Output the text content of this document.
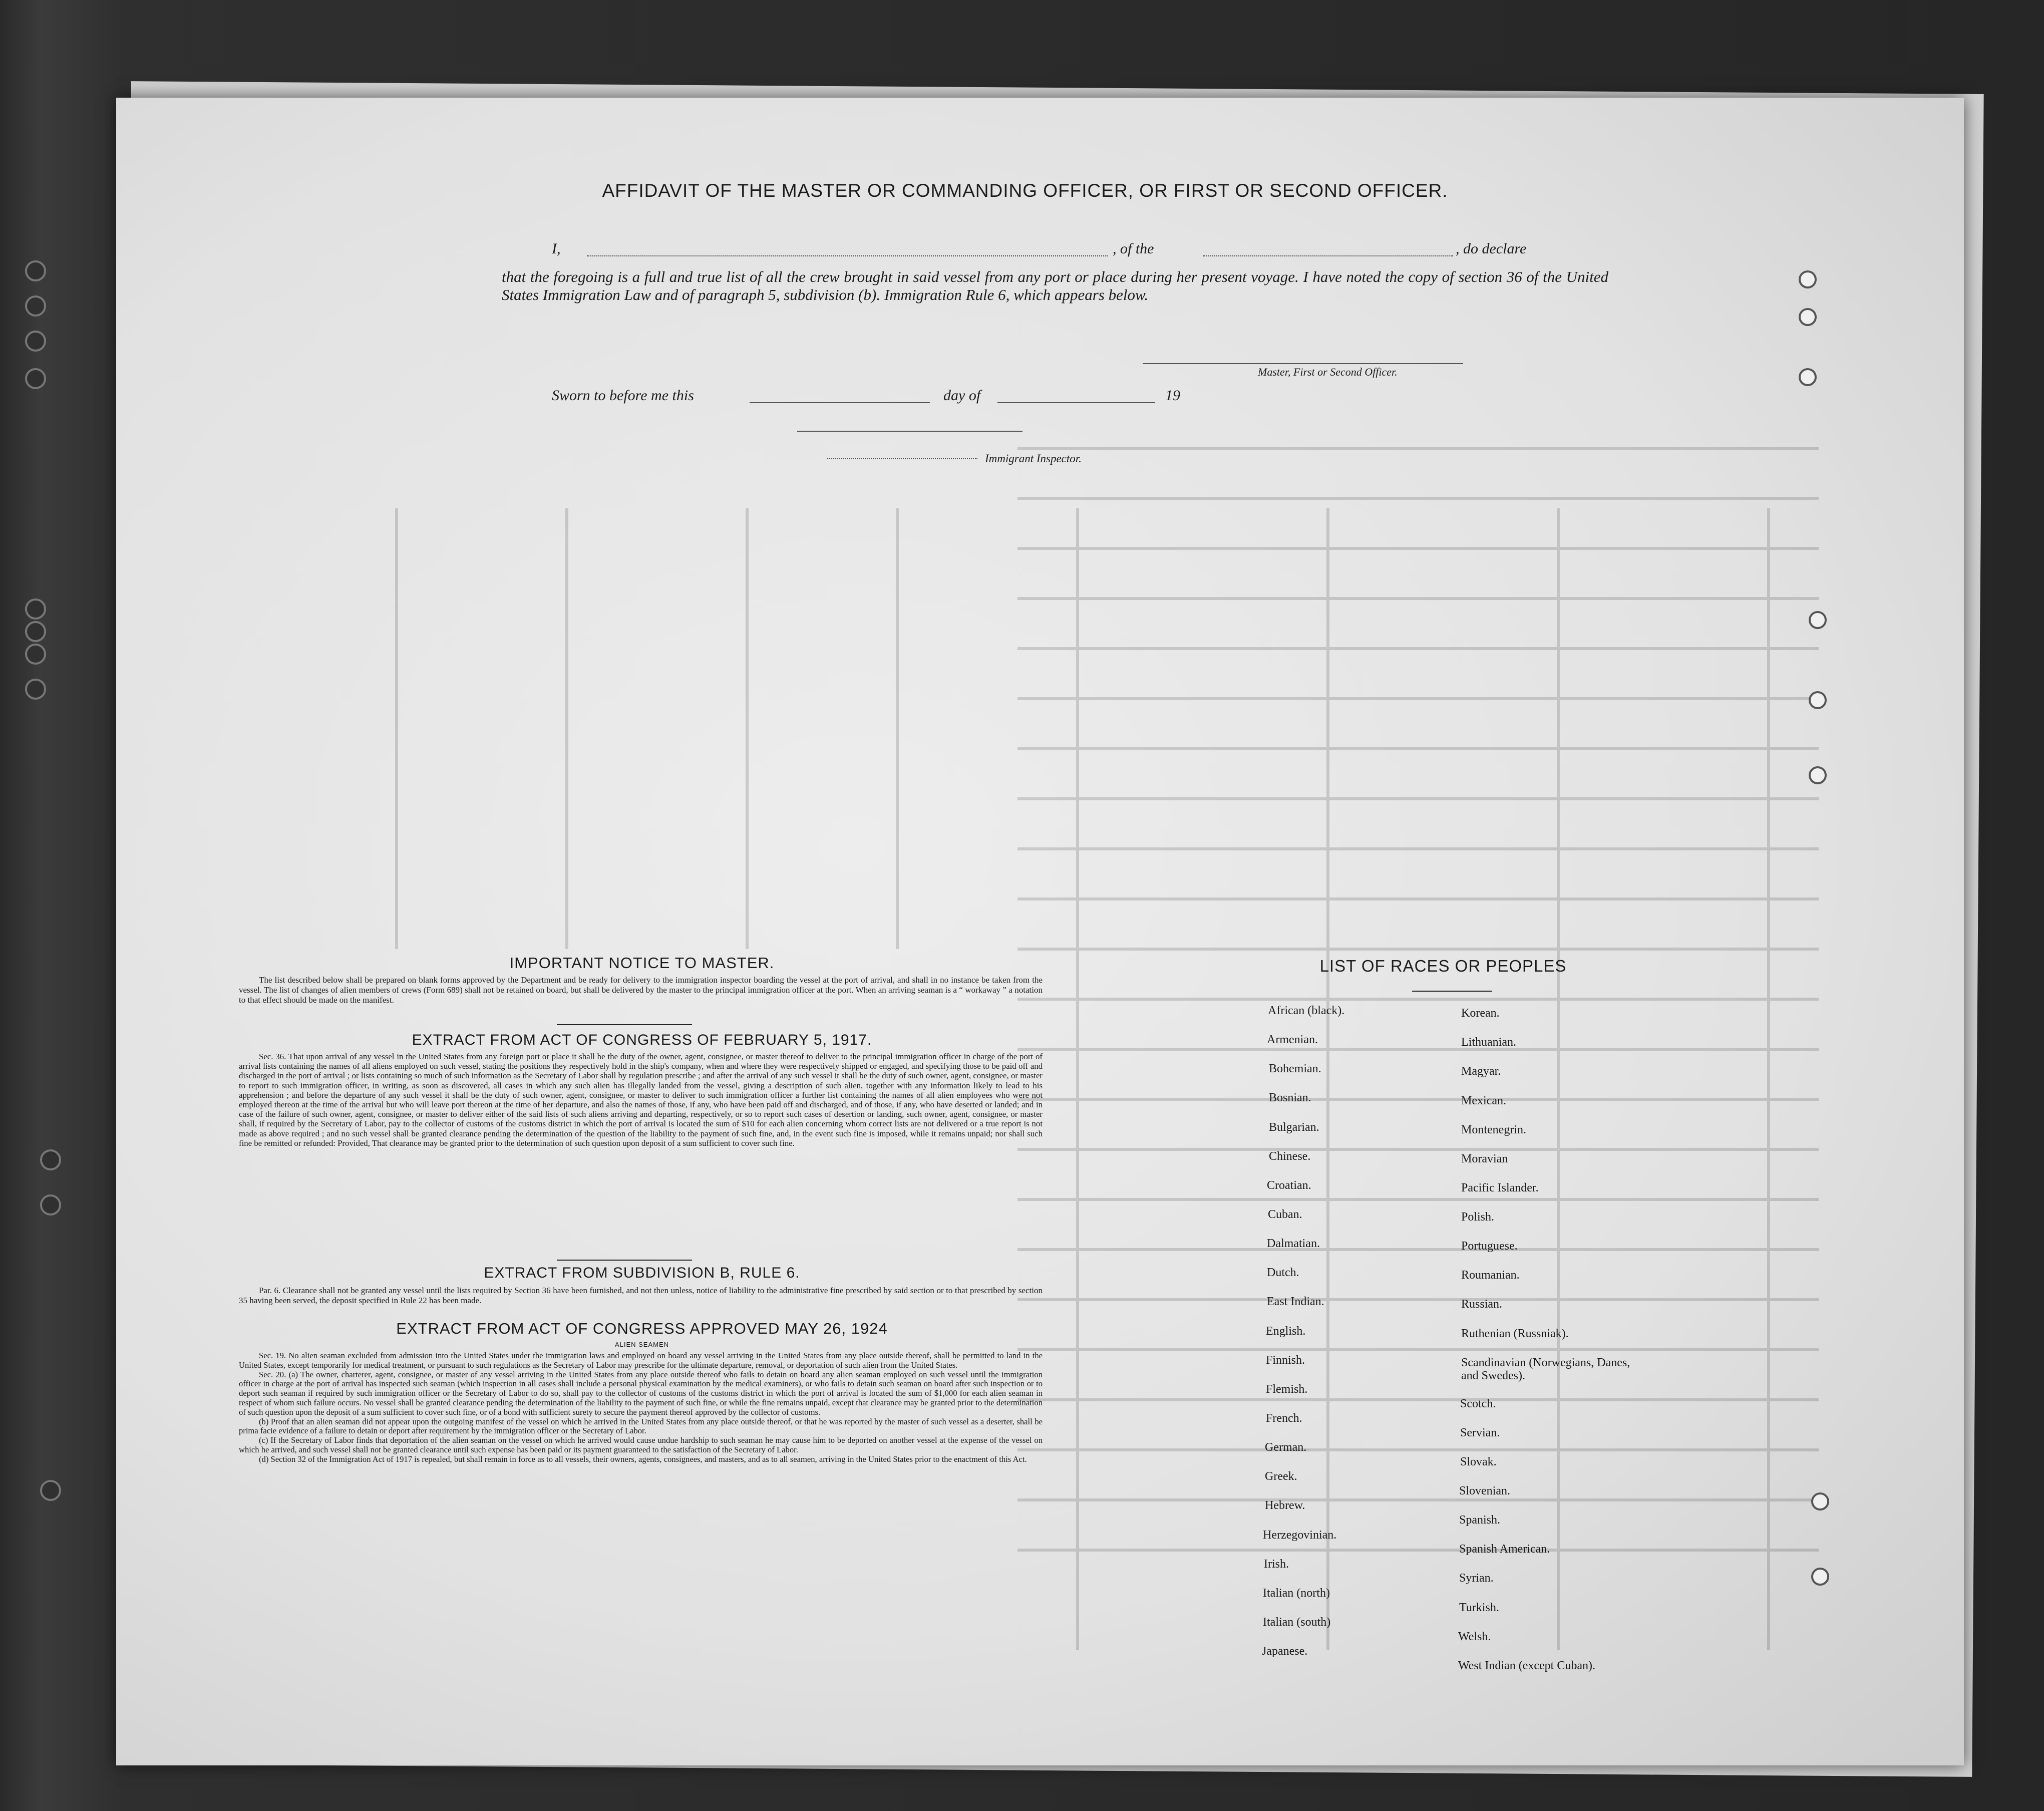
AFFIDAVIT OF THE MASTER OR COMMANDING OFFICER, OR FIRST OR SECOND OFFICER.
I,	, of the	, do declare
that the foregoing is a full and true list of all the crew brought in said vessel from any port or place during her present voyage. I have noted the copy of section 36 of the United States Immigration Law and of paragraph 5, subdivision (b). Immigration Rule 6, which appears below.
Master, First or Second Officer.
Sworn to before me this	day of	19
Immigrant Inspector.
IMPORTANT NOTICE TO MASTER.
The list described below shall be prepared on blank forms approved by the Department and be ready for delivery to the immigration inspector boarding the vessel at the port of arrival, and shall in no instance be taken from the vessel. The list of changes of alien members of crews (Form 689) shall not be retained on board, but shall be delivered by the master to the principal immigration officer at the port. When an arriving seaman is a “ workaway ” a notation to that effect should be made on the manifest.
EXTRACT FROM ACT OF CONGRESS OF FEBRUARY 5, 1917.
Sec. 36. That upon arrival of any vessel in the United States from any foreign port or place it shall be the duty of the owner, agent, consignee, or master thereof to deliver to the principal immigration officer in charge of the port of arrival lists containing the names of all aliens employed on such vessel, stating the positions they respectively hold in the ship's company, when and where they were respectively shipped or engaged, and specifying those to be paid off and discharged in the port of arrival ; or lists containing so much of such information as the Secretary of Labor shall by regulation prescribe ; and after the arrival of any such vessel it shall be the duty of such owner, agent, consignee, or master to report to such immigration officer, in writing, as soon as discovered, all cases in which any such alien has illegally landed from the vessel, giving a description of such alien, together with any information likely to lead to his apprehension ; and before the departure of any such vessel it shall be the duty of such owner, agent, consignee, or master to deliver to such immigration officer a further list containing the names of all alien employees who were not employed thereon at the time of the arrival but who will leave port thereon at the time of her departure, and also the names of those, if any, who have been paid off and discharged, and of those, if any, who have deserted or landed; and in case of the failure of such owner, agent, consignee, or master to deliver either of the said lists of such aliens arriving and departing, respectively, or so to report such cases of desertion or landing, such owner, agent, consignee, or master shall, if required by the Secretary of Labor, pay to the collector of customs of the customs district in which the port of arrival is located the sum of $10 for each alien concerning whom correct lists are not delivered or a true report is not made as above required ; and no such vessel shall be granted clearance pending the determination of the question of the liability to the payment of such fine, and, in the event such fine is imposed, while it remains unpaid; nor shall such fine be remitted or refunded: Provided, That clearance may be granted prior to the determination of such question upon deposit of a sum sufficient to cover such fine.
EXTRACT FROM SUBDIVISION B, RULE 6.
Par. 6. Clearance shall not be granted any vessel until the lists required by Section 36 have been furnished, and not then unless, notice of liability to the administrative fine prescribed by said section or to that prescribed by section 35 having been served, the deposit specified in Rule 22 has been made.
EXTRACT FROM ACT OF CONGRESS APPROVED MAY 26, 1924
ALIEN SEAMEN
Sec. 19. No alien seaman excluded from admission into the United States under the immigration laws and employed on board any vessel arriving in the United States from any place outside thereof, shall be permitted to land in the United States, except temporarily for medical treatment, or pursuant to such regulations as the Secretary of Labor may prescribe for the ultimate departure, removal, or deportation of such alien from the United States.
Sec. 20. (a) The owner, charterer, agent, consignee, or master of any vessel arriving in the United States from any place outside thereof who fails to detain on board any alien seaman employed on such vessel until the immigration officer in charge at the port of arrival has inspected such seaman (which inspection in all cases shall include a personal physical examination by the medical examiners), or who fails to detain such seaman on board after such inspection or to deport such seaman if required by such immigration officer or the Secretary of Labor to do so, shall pay to the collector of customs of the customs district in which the port of arrival is located the sum of $1,000 for each alien seaman in respect of whom such failure occurs. No vessel shall be granted clearance pending the determination of the liability to the payment of such fine, or while the fine remains unpaid, except that clearance may be granted prior to the determination of such question upon the deposit of a sum sufficient to cover such fine, or of a bond with sufficient surety to secure the payment thereof approved by the collector of customs.
(b) Proof that an alien seaman did not appear upon the outgoing manifest of the vessel on which he arrived in the United States from any place outside thereof, or that he was reported by the master of such vessel as a deserter, shall be prima facie evidence of a failure to detain or deport after requirement by the immigration officer or the Secretary of Labor.
(c) If the Secretary of Labor finds that deportation of the alien seaman on the vessel on which he arrived would cause undue hardship to such seaman he may cause him to be deported on another vessel at the expense of the vessel on which he arrived, and such vessel shall not be granted clearance until such expense has been paid or its payment guaranteed to the satisfaction of the Secretary of Labor.
(d) Section 32 of the Immigration Act of 1917 is repealed, but shall remain in force as to all vessels, their owners, agents, consignees, and masters, and as to all seamen, arriving in the United States prior to the enactment of this Act.
LIST OF RACES OR PEOPLES
African (black).
Armenian.
Bohemian.
Bosnian.
Bulgarian.
Chinese.
Croatian.
Cuban.
Dalmatian.
Dutch.
East Indian.
English.
Finnish.
Flemish.
French.
German.
Greek.
Hebrew.
Herzegovinian.
Irish.
Italian (north)
Italian (south)
Japanese.
Korean.
Lithuanian.
Magyar.
Mexican.
Montenegrin.
Moravian
Pacific Islander.
Polish.
Portuguese.
Roumanian.
Russian.
Ruthenian (Russniak).
Scandinavian (Norwegians, Danes, and Swedes).
Scotch.
Servian.
Slovak.
Slovenian.
Spanish.
Spanish American.
Syrian.
Turkish.
Welsh.
West Indian (except Cuban).
